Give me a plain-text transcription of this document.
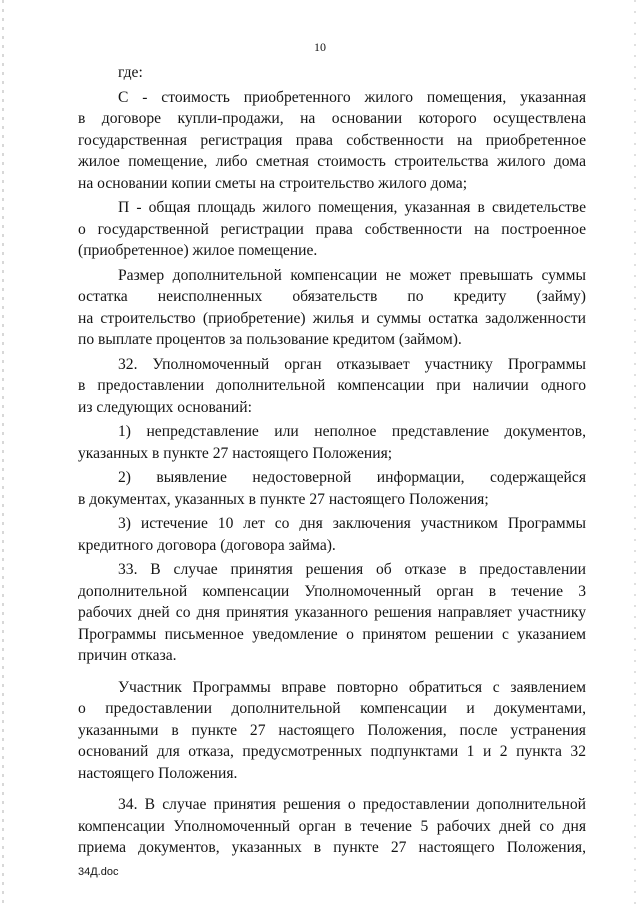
10

где:

С - стоимость приобретенного жилого помещения, указанная
в договоре купли-продажи, на основании которого осуществлена
государственная регистрация права собственности на приобретенное
жилое помещение, либо сметная стоимость строительства жилого дома
на основании копии сметы на строительство жилого дома;

П - общая площадь жилого помещения, указанная в свидетельстве
о государственной регистрации права собственности на построенное
(приобретенное) жилое помещение.

Размер дополнительной компенсации не может превышать суммы
остатка неисполненных обязательств по кредиту (займу)
на строительство (приобретение) жилья и суммы остатка задолженности
по выплате процентов за пользование кредитом (займом).

32. Уполномоченный орган отказывает участнику Программы
в предоставлении дополнительной компенсации при наличии одного
из следующих оснований:

1) непредставление или неполное представление документов,
указанных в пункте 27 настоящего Положения;

2) выявление недостоверной информации, содержащейся
в документах, указанных в пункте 27 настоящего Положения;

3) истечение 10 лет со дня заключения участником Программы
кредитного договора (договора займа).

33. В случае принятия решения об отказе в предоставлении
дополнительной компенсации Уполномоченный орган в течение 3
рабочих дней со дня принятия указанного решения направляет участнику
Программы письменное уведомление о принятом решении с указанием
причин отказа.

Участник Программы вправе повторно обратиться с заявлением
о предоставлении дополнительной компенсации и документами,
указанными в пункте 27 настоящего Положения, после устранения
оснований для отказа, предусмотренных подпунктами 1 и 2 пункта 32
настоящего Положения.

34. В случае принятия решения о предоставлении дополнительной
компенсации Уполномоченный орган в течение 5 рабочих дней со дня
приема документов, указанных в пункте 27 настоящего Положения,

34Д.doc
